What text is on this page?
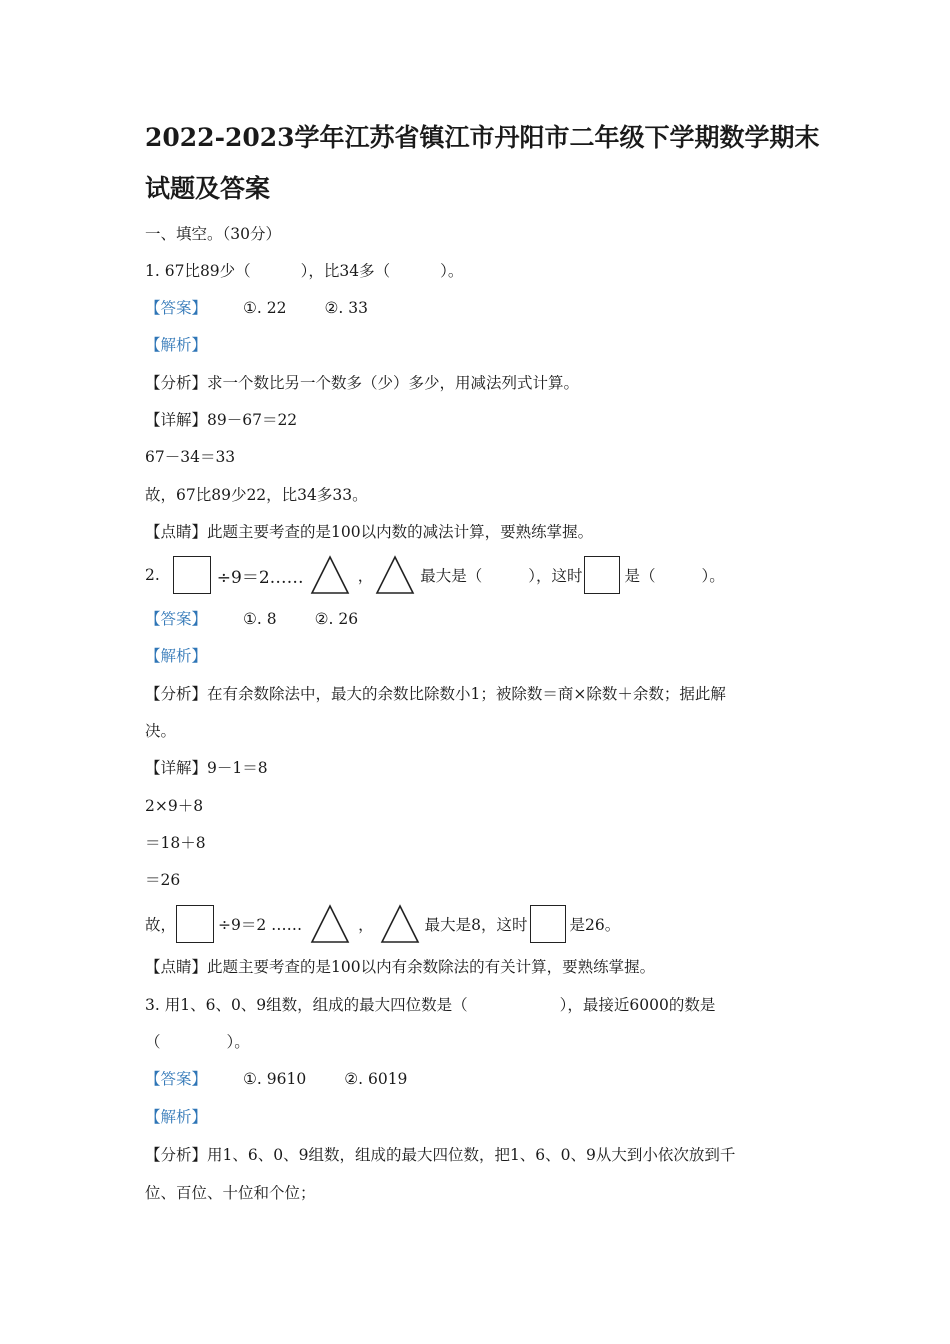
2022-2023学年江苏省镇江市丹阳市二年级下学期数学期末
试题及答案
一、填空。（30分）
1. 67比89少（	），比34多（	）。
【答案】 ①. 22 ②. 33
【解析】
【分析】求一个数比另一个数多（少）多少，用减法列式计算。
【详解】89－67＝22
67－34＝33
故，67比89少22，比34多33。
【点睛】此题主要考查的是100以内数的减法计算，要熟练掌握。
2.	÷9＝2……	，	最大是（	），这时	是（	）。
【答案】 ①. 8 ②. 26
【解析】
【分析】在有余数除法中，最大的余数比除数小1；被除数＝商×除数＋余数；据此解
决。
【详解】9－1＝8
2×9＋8
＝18＋8
＝26
故，	÷9＝2 ……	，	最大是8，这时	是26。
【点睛】此题主要考查的是100以内有余数除法的有关计算，要熟练掌握。
3. 用1、6、0、9组数，组成的最大四位数是（	），最接近6000的数是
（	）。
【答案】 ①. 9610 ②. 6019
【解析】
【分析】用1、6、0、9组数，组成的最大四位数，把1、6、0、9从大到小依次放到千
位、百位、十位和个位；
